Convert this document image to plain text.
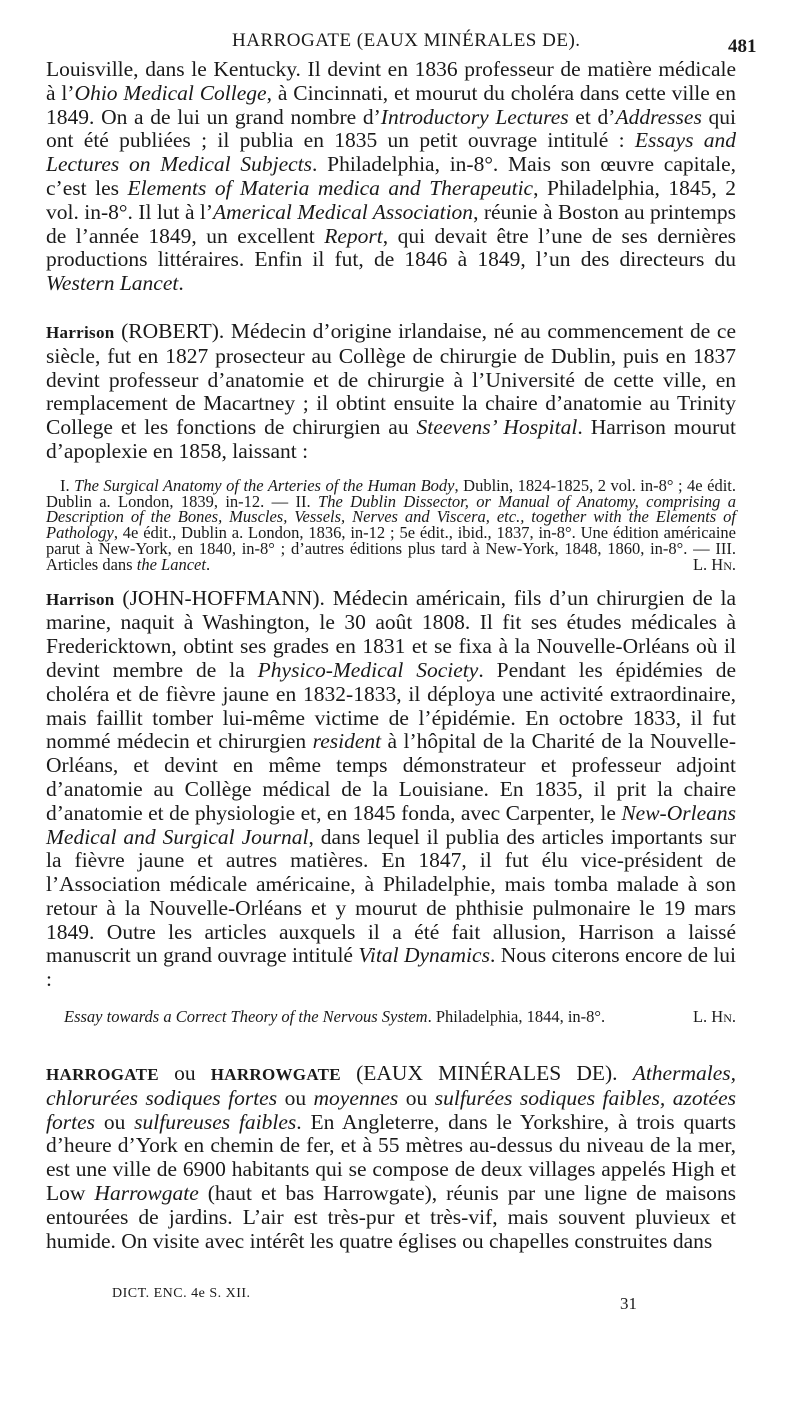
HARROGATE (EAUX MINÉRALES DE).	481

Louisville, dans le Kentucky. Il devint en 1836 professeur de matière médicale à l’Ohio Medical College, à Cincinnati, et mourut du choléra dans cette ville en 1849. On a de lui un grand nombre d’Introductory Lectures et d’Addresses qui ont été publiées ; il publia en 1835 un petit ouvrage intitulé : Essays and Lectures on Medical Subjects. Philadelphia, in-8°. Mais son œuvre capitale, c’est les Elements of Materia medica and Therapeutic, Philadelphia, 1845, 2 vol. in-8°. Il lut à l’Americal Medical Association, réunie à Boston au printemps de l’année 1849, un excellent Report, qui devait être l’une de ses dernières productions littéraires. Enfin il fut, de 1846 à 1849, l’un des directeurs du Western Lancet.

Harrison (ROBERT). Médecin d’origine irlandaise, né au commencement de ce siècle, fut en 1827 prosecteur au Collège de chirurgie de Dublin, puis en 1837 devint professeur d’anatomie et de chirurgie à l’Université de cette ville, en remplacement de Macartney ; il obtint ensuite la chaire d’anatomie au Trinity College et les fonctions de chirurgien au Steevens’ Hospital. Harrison mourut d’apoplexie en 1858, laissant :

I. The Surgical Anatomy of the Arteries of the Human Body, Dublin, 1824-1825, 2 vol. in-8° ; 4e édit. Dublin a. London, 1839, in-12. — II. The Dublin Dissector, or Manual of Anatomy, comprising a Description of the Bones, Muscles, Vessels, Nerves and Viscera, etc., together with the Elements of Pathology, 4e édit., Dublin a. London, 1836, in-12 ; 5e édit., ibid., 1837, in-8°. Une édition américaine parut à New-York, en 1840, in-8° ; d’autres éditions plus tard à New-York, 1848, 1860, in-8°. — III. Articles dans the Lancet.	L. Hn.

Harrison (JOHN-HOFFMANN). Médecin américain, fils d’un chirurgien de la marine, naquit à Washington, le 30 août 1808. Il fit ses études médicales à Fredericktown, obtint ses grades en 1831 et se fixa à la Nouvelle-Orléans où il devint membre de la Physico-Medical Society. Pendant les épidémies de choléra et de fièvre jaune en 1832-1833, il déploya une activité extraordinaire, mais faillit tomber lui-même victime de l’épidémie. En octobre 1833, il fut nommé médecin et chirurgien resident à l’hôpital de la Charité de la Nouvelle-Orléans, et devint en même temps démonstrateur et professeur adjoint d’anatomie au Collège médical de la Louisiane. En 1835, il prit la chaire d’anatomie et de physiologie et, en 1845 fonda, avec Carpenter, le New-Orleans Medical and Surgical Journal, dans lequel il publia des articles importants sur la fièvre jaune et autres matières. En 1847, il fut élu vice-président de l’Association médicale américaine, à Philadelphie, mais tomba malade à son retour à la Nouvelle-Orléans et y mourut de phthisie pulmonaire le 19 mars 1849. Outre les articles auxquels il a été fait allusion, Harrison a laissé manuscrit un grand ouvrage intitulé Vital Dynamics. Nous citerons encore de lui :

Essay towards a Correct Theory of the Nervous System. Philadelphia, 1844, in-8°.	L. Hn.

HARROGATE ou HARROWGATE (EAUX MINÉRALES DE). Athermales, chlorurées sodiques fortes ou moyennes ou sulfurées sodiques faibles, azotées fortes ou sulfureuses faibles. En Angleterre, dans le Yorkshire, à trois quarts d’heure d’York en chemin de fer, et à 55 mètres au-dessus du niveau de la mer, est une ville de 6900 habitants qui se compose de deux villages appelés High et Low Harrowgate (haut et bas Harrowgate), réunis par une ligne de maisons entourées de jardins. L’air est très-pur et très-vif, mais souvent pluvieux et humide. On visite avec intérêt les quatre églises ou chapelles construites dans

DICT. ENC. 4e S. XII.
31
